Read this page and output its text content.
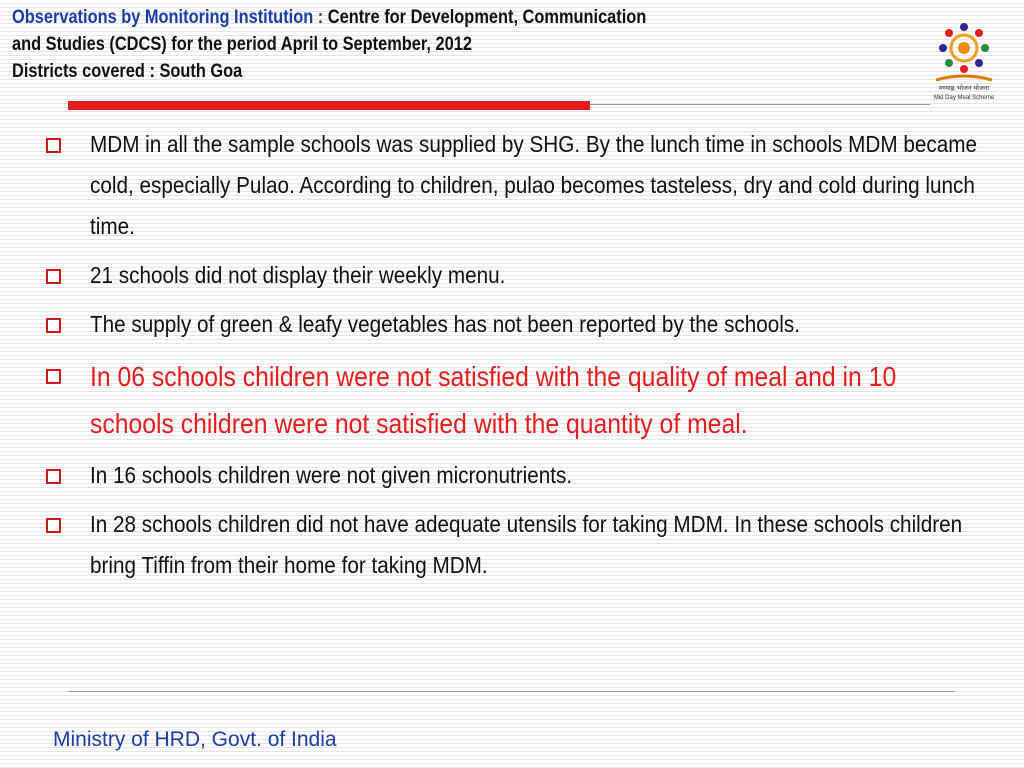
Observations by Monitoring Institution : Centre for Development, Communication
and Studies (CDCS) for the period April to September, 2012
Districts covered : South Goa
मध्याह्न भोजन योजना
Mid Day Meal Scheme
MDM in all the sample schools was supplied by SHG. By the lunch time in schools MDM became cold, especially Pulao. According to children, pulao becomes tasteless, dry and cold during lunch time.
21 schools did not display their weekly menu.
The supply of green & leafy vegetables has not been reported by the schools.
In 06 schools children were not satisfied with the quality of meal and in 10 schools children were not satisfied with the quantity of meal.
In 16 schools children were not given micronutrients.
In 28 schools children did not have adequate utensils for taking MDM. In these schools children bring Tiffin from their home for taking MDM.
Ministry of HRD, Govt. of India
